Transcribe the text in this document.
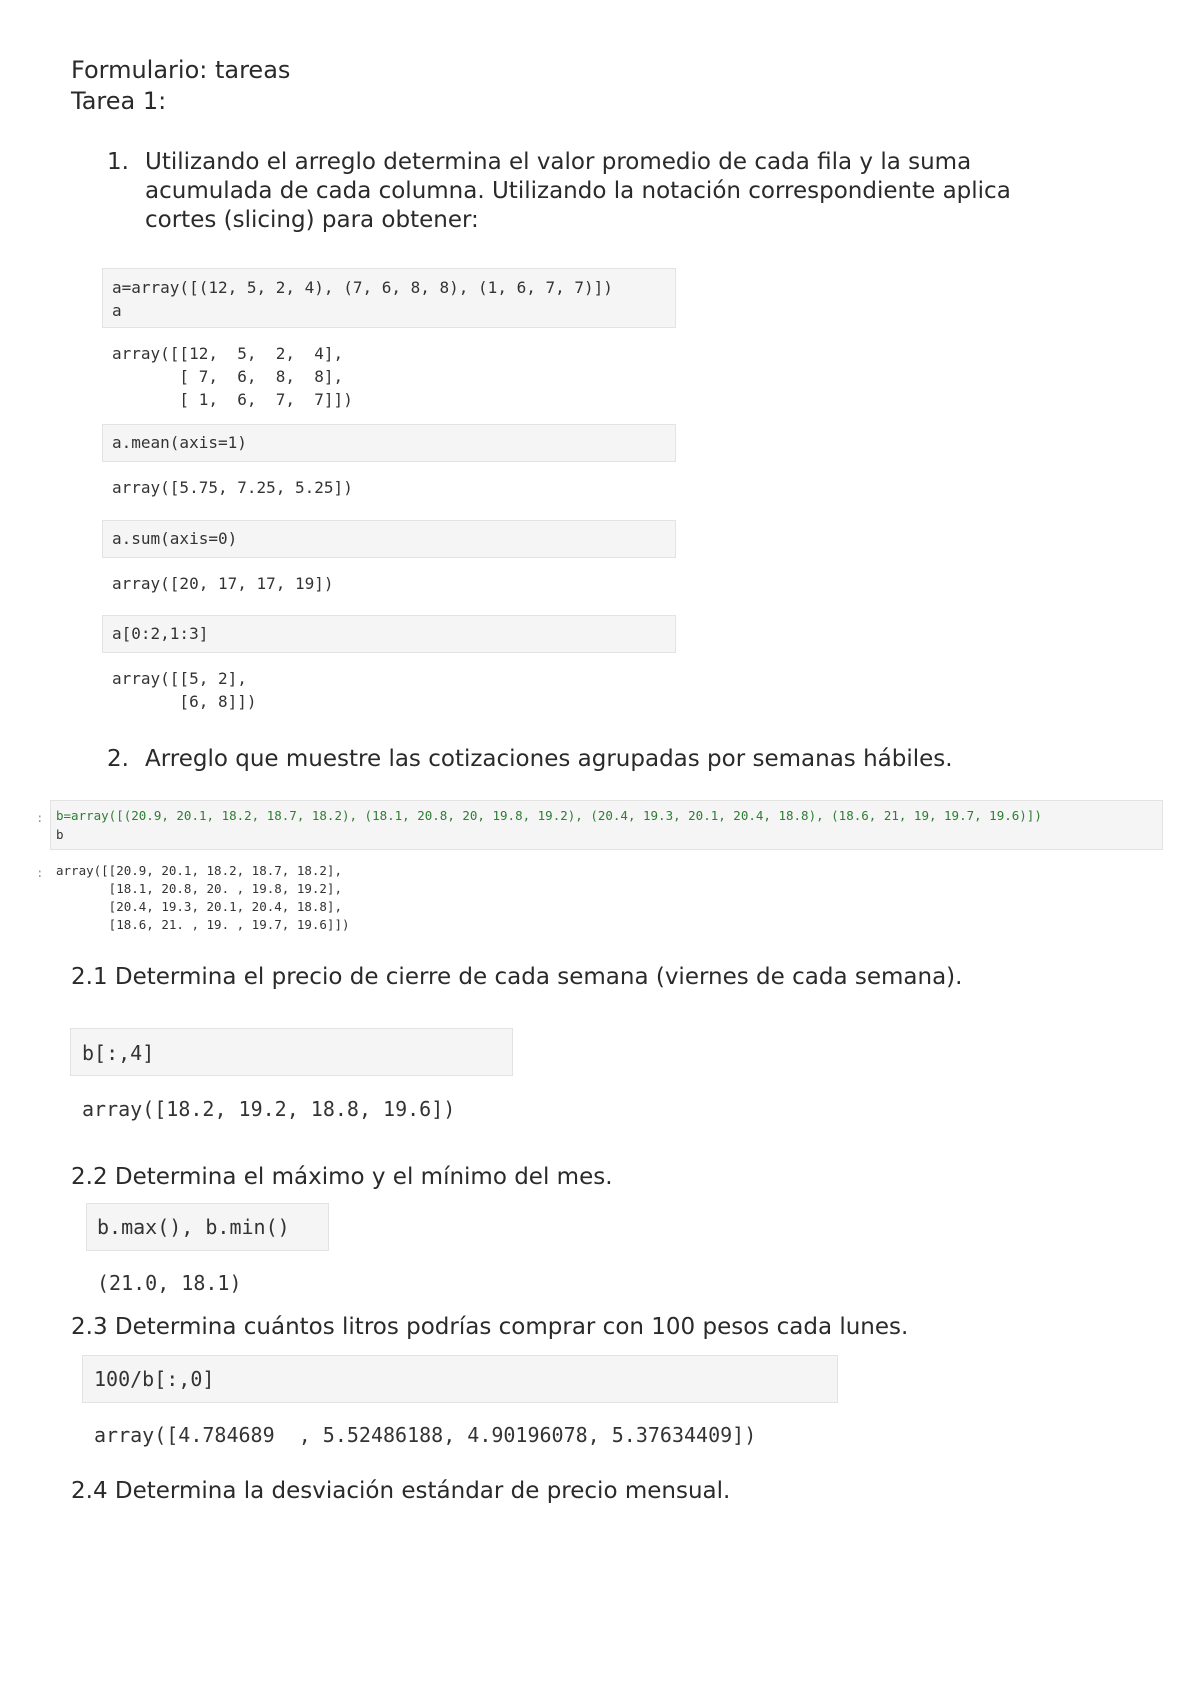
Formulario: tareas
Tarea 1:
1. Utilizando el arreglo determina el valor promedio de cada fila y la suma
acumulada de cada columna. Utilizando la notación correspondiente aplica
cortes (slicing) para obtener:
a=array([(12, 5, 2, 4), (7, 6, 8, 8), (1, 6, 7, 7)])
a
array([[12,  5,  2,  4],
[ 7,  6,  8,  8],
[ 1,  6,  7,  7]])
a.mean(axis=1)
array([5.75, 7.25, 5.25])
a.sum(axis=0)
array([20, 17, 17, 19])
a[0:2,1:3]
array([[5, 2],
[6, 8]])
2. Arreglo que muestre las cotizaciones agrupadas por semanas hábiles.
: b=array([(20.9, 20.1, 18.2, 18.7, 18.2), (18.1, 20.8, 20, 19.8, 19.2), (20.4, 19.3, 20.1, 20.4, 18.8), (18.6, 21, 19, 19.7, 19.6)])
b
: array([[20.9, 20.1, 18.2, 18.7, 18.2],
[18.1, 20.8, 20. , 19.8, 19.2],
[20.4, 19.3, 20.1, 20.4, 18.8],
[18.6, 21. , 19. , 19.7, 19.6]])
2.1 Determina el precio de cierre de cada semana (viernes de cada semana).
b[:,4]
array([18.2, 19.2, 18.8, 19.6])
2.2 Determina el máximo y el mínimo del mes.
b.max(), b.min()
(21.0, 18.1)
2.3 Determina cuántos litros podrías comprar con 100 pesos cada lunes.
100/b[:,0]
array([4.784689  , 5.52486188, 4.90196078, 5.37634409])
2.4 Determina la desviación estándar de precio mensual.
